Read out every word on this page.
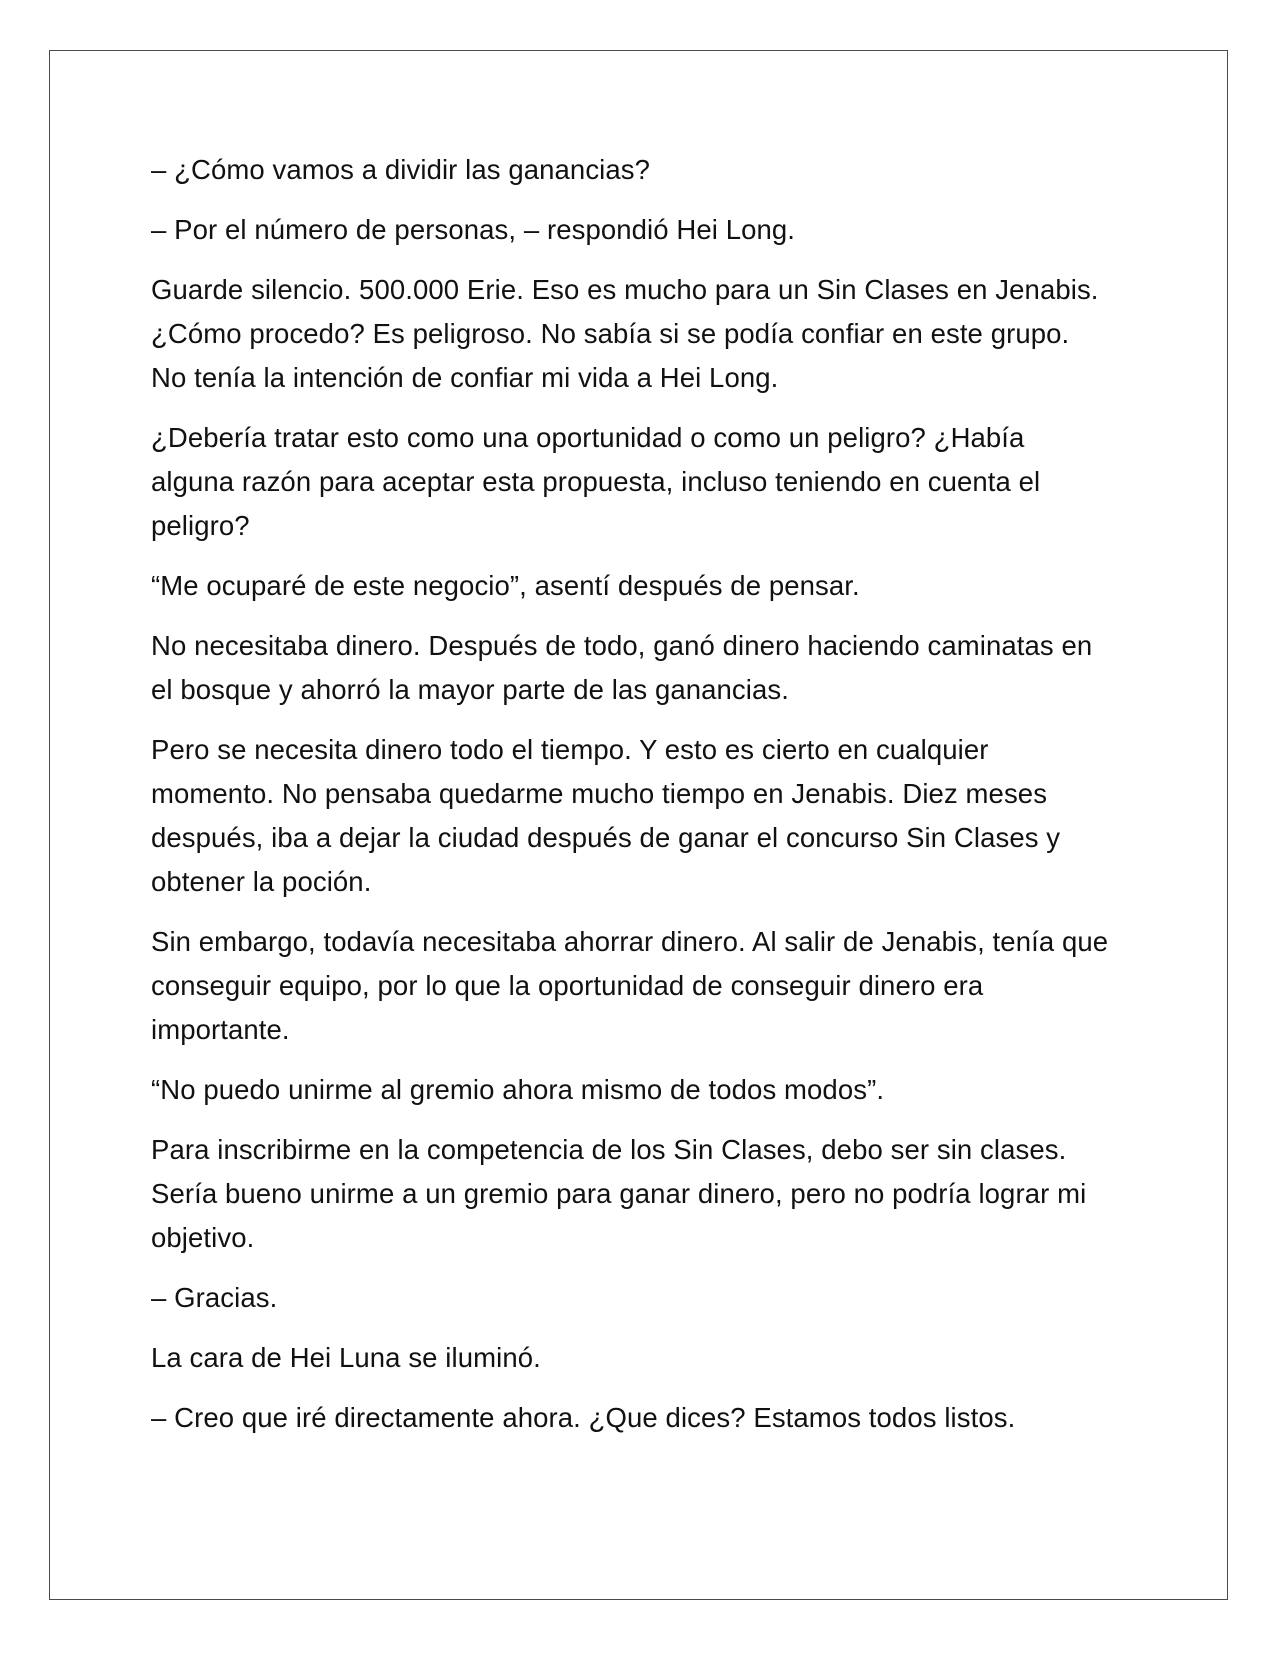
– ¿Cómo vamos a dividir las ganancias?

– Por el número de personas, – respondió Hei Long.

Guarde silencio. 500.000 Erie. Eso es mucho para un Sin Clases en Jenabis. ¿Cómo procedo? Es peligroso. No sabía si se podía confiar en este grupo. No tenía la intención de confiar mi vida a Hei Long.

¿Debería tratar esto como una oportunidad o como un peligro? ¿Había alguna razón para aceptar esta propuesta, incluso teniendo en cuenta el peligro?

“Me ocuparé de este negocio”, asentí después de pensar.

No necesitaba dinero. Después de todo, ganó dinero haciendo caminatas en el bosque y ahorró la mayor parte de las ganancias.

Pero se necesita dinero todo el tiempo. Y esto es cierto en cualquier momento. No pensaba quedarme mucho tiempo en Jenabis. Diez meses después, iba a dejar la ciudad después de ganar el concurso Sin Clases y obtener la poción.

Sin embargo, todavía necesitaba ahorrar dinero. Al salir de Jenabis, tenía que conseguir equipo, por lo que la oportunidad de conseguir dinero era importante.

“No puedo unirme al gremio ahora mismo de todos modos”.

Para inscribirme en la competencia de los Sin Clases, debo ser sin clases. Sería bueno unirme a un gremio para ganar dinero, pero no podría lograr mi objetivo.

– Gracias.

La cara de Hei Luna se iluminó.

– Creo que iré directamente ahora. ¿Que dices? Estamos todos listos.
